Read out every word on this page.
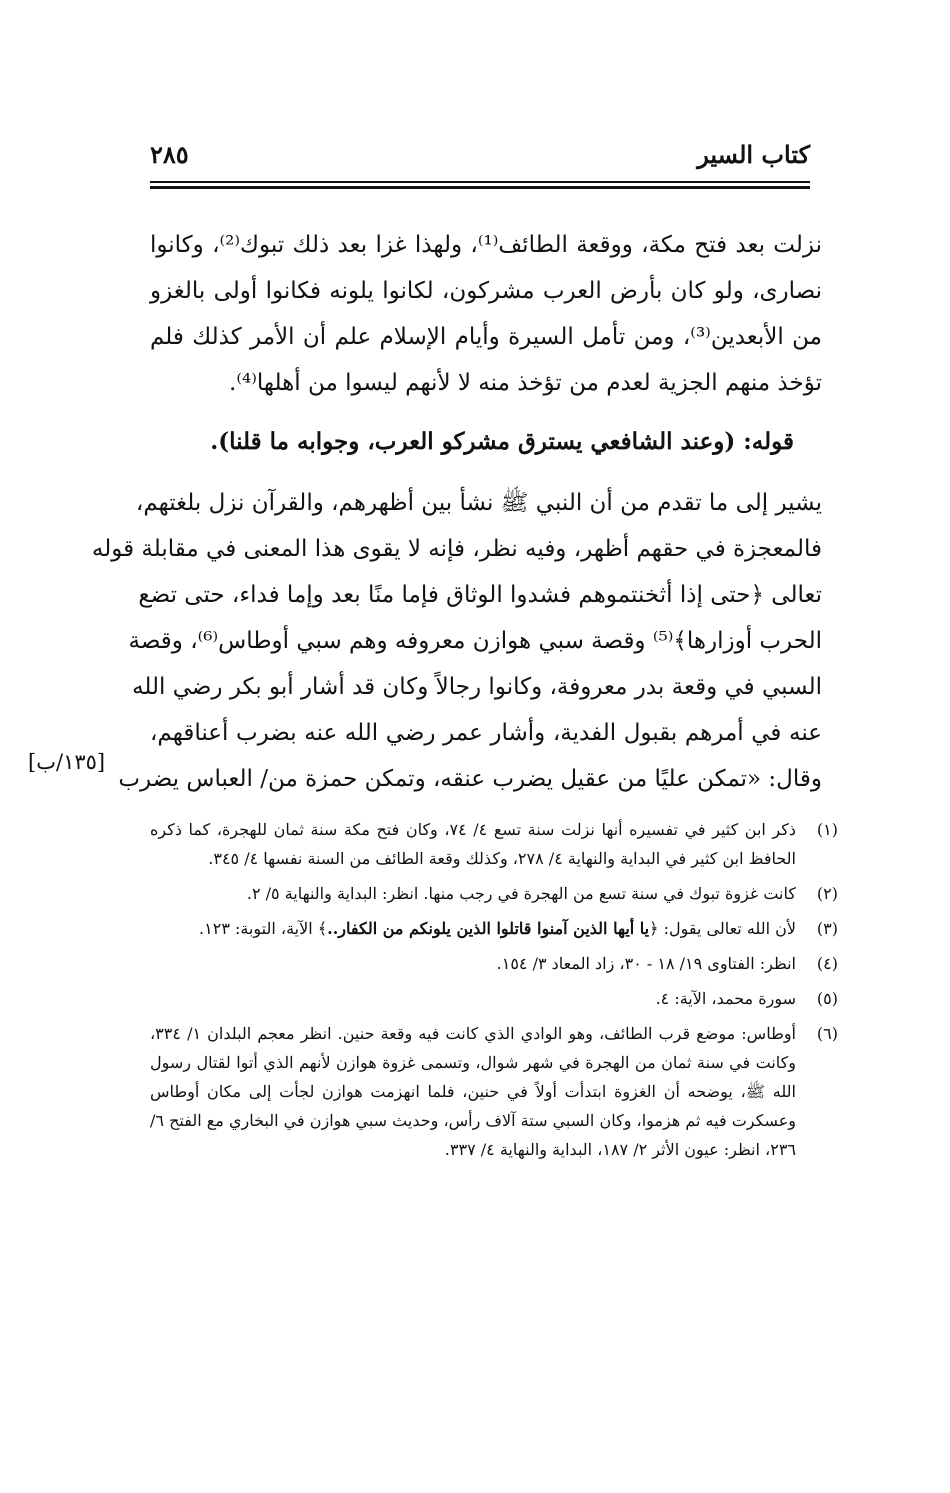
كتاب السير
٢٨٥
نزلت بعد فتح مكة، ووقعة الطائف⁽¹⁾، ولهذا غزا بعد ذلك تبوك⁽²⁾، وكانوا
نصارى، ولو كان بأرض العرب مشركون، لكانوا يلونه فكانوا أولى بالغزو
من الأبعدين⁽³⁾، ومن تأمل السيرة وأيام الإسلام علم أن الأمر كذلك فلم
تؤخذ منهم الجزية لعدم من تؤخذ منه لا لأنهم ليسوا من أهلها⁽⁴⁾.
قوله: (وعند الشافعي يسترق مشركو العرب، وجوابه ما قلنا).
يشير إلى ما تقدم من أن النبي ﷺ نشأ بين أظهرهم، والقرآن نزل بلغتهم،
فالمعجزة في حقهم أظهر، وفيه نظر، فإنه لا يقوى هذا المعنى في مقابلة قوله
تعالى ﴿حتى إذا أثخنتموهم فشدوا الوثاق فإما منًا بعد وإما فداء، حتى تضع
الحرب أوزارها﴾⁽⁵⁾ وقصة سبي هوازن معروفه وهم سبي أوطاس⁽⁶⁾، وقصة
السبي في وقعة بدر معروفة، وكانوا رجالاً وكان قد أشار أبو بكر رضي الله
عنه في أمرهم بقبول الفدية، وأشار عمر رضي الله عنه بضرب أعناقهم،
وقال: «تمكن عليًا من عقيل يضرب عنقه، وتمكن حمزة من/ العباس يضرب
[١٣٥/ب]
(١)
ذكر ابن كثير في تفسيره أنها نزلت سنة تسع ٤/ ٧٤، وكان فتح مكة سنة ثمان للهجرة، كما ذكره الحافظ ابن كثير في البداية والنهاية ٤/ ٢٧٨، وكذلك وقعة الطائف من السنة نفسها ٤/ ٣٤٥.
(٢)
كانت غزوة تبوك في سنة تسع من الهجرة في رجب منها. انظر: البداية والنهاية ٥/ ٢.
(٣)
لأن الله تعالى يقول: ﴿يا أيها الذين آمنوا قاتلوا الذين يلونكم من الكفار..﴾ الآية، التوبة: ١٢٣.
(٤)
انظر: الفتاوى ١٩/ ١٨ - ٣٠، زاد المعاد ٣/ ١٥٤.
(٥)
سورة محمد، الآية: ٤.
(٦)
أوطاس: موضع قرب الطائف، وهو الوادي الذي كانت فيه وقعة حنين. انظر معجم البلدان ١/ ٣٣٤، وكانت في سنة ثمان من الهجرة في شهر شوال، وتسمى غزوة هوازن لأنهم الذي أتوا لقتال رسول الله ﷺ، يوضحه أن الغزوة ابتدأت أولاً في حنين، فلما انهزمت هوازن لجأت إلى مكان أوطاس وعسكرت فيه ثم هزموا، وكان السبي ستة آلاف رأس، وحديث سبي هوازن في البخاري مع الفتح ٦/ ٢٣٦، انظر: عيون الأثر ٢/ ١٨٧، البداية والنهاية ٤/ ٣٣٧.
